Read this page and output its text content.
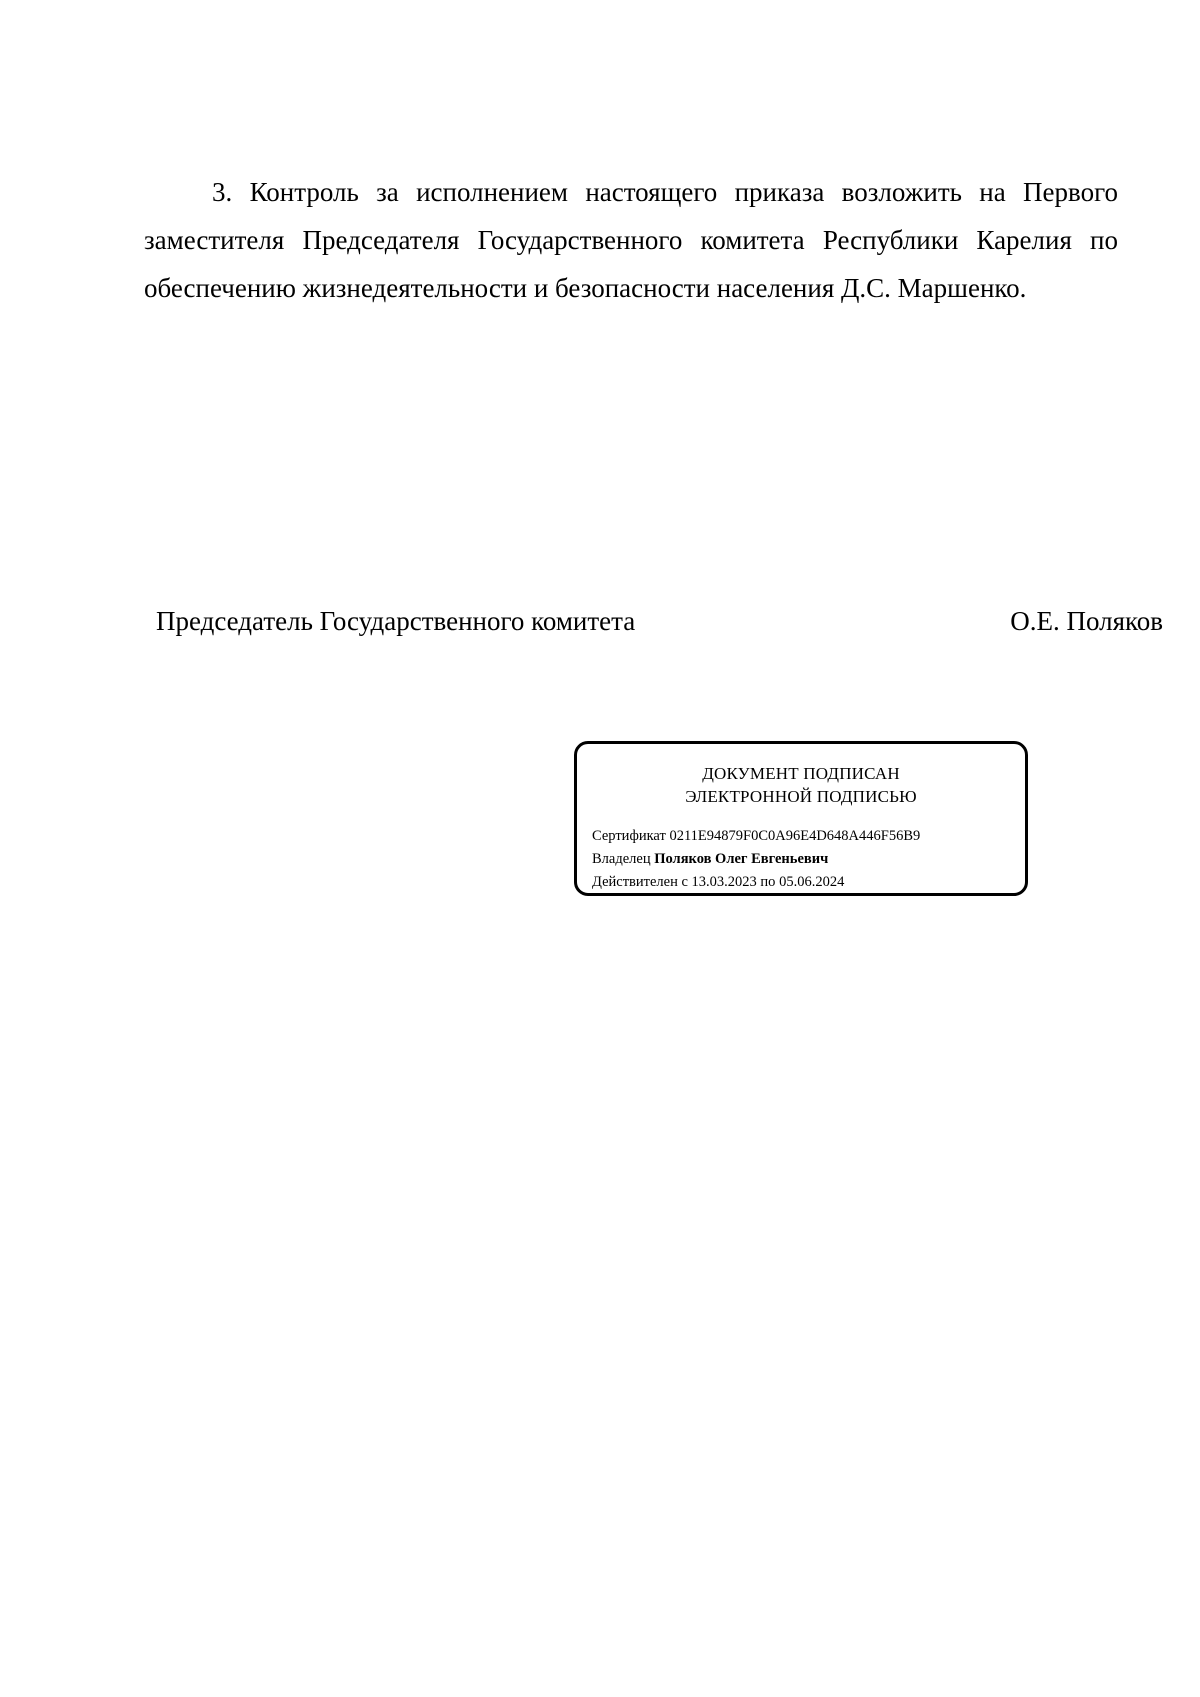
3. Контроль за исполнением настоящего приказа возложить на Первого заместителя Председателя Государственного комитета Республики Карелия по обеспечению жизнедеятельности и безопасности населения Д.С. Маршенко.

Председатель Государственного комитета	О.Е. Поляков
ДОКУМЕНТ ПОДПИСАН
ЭЛЕКТРОННОЙ ПОДПИСЬЮ
Сертификат 0211E94879F0C0A96E4D648A446F56B9
Владелец Поляков Олег Евгеньевич
Действителен с 13.03.2023 по 05.06.2024
